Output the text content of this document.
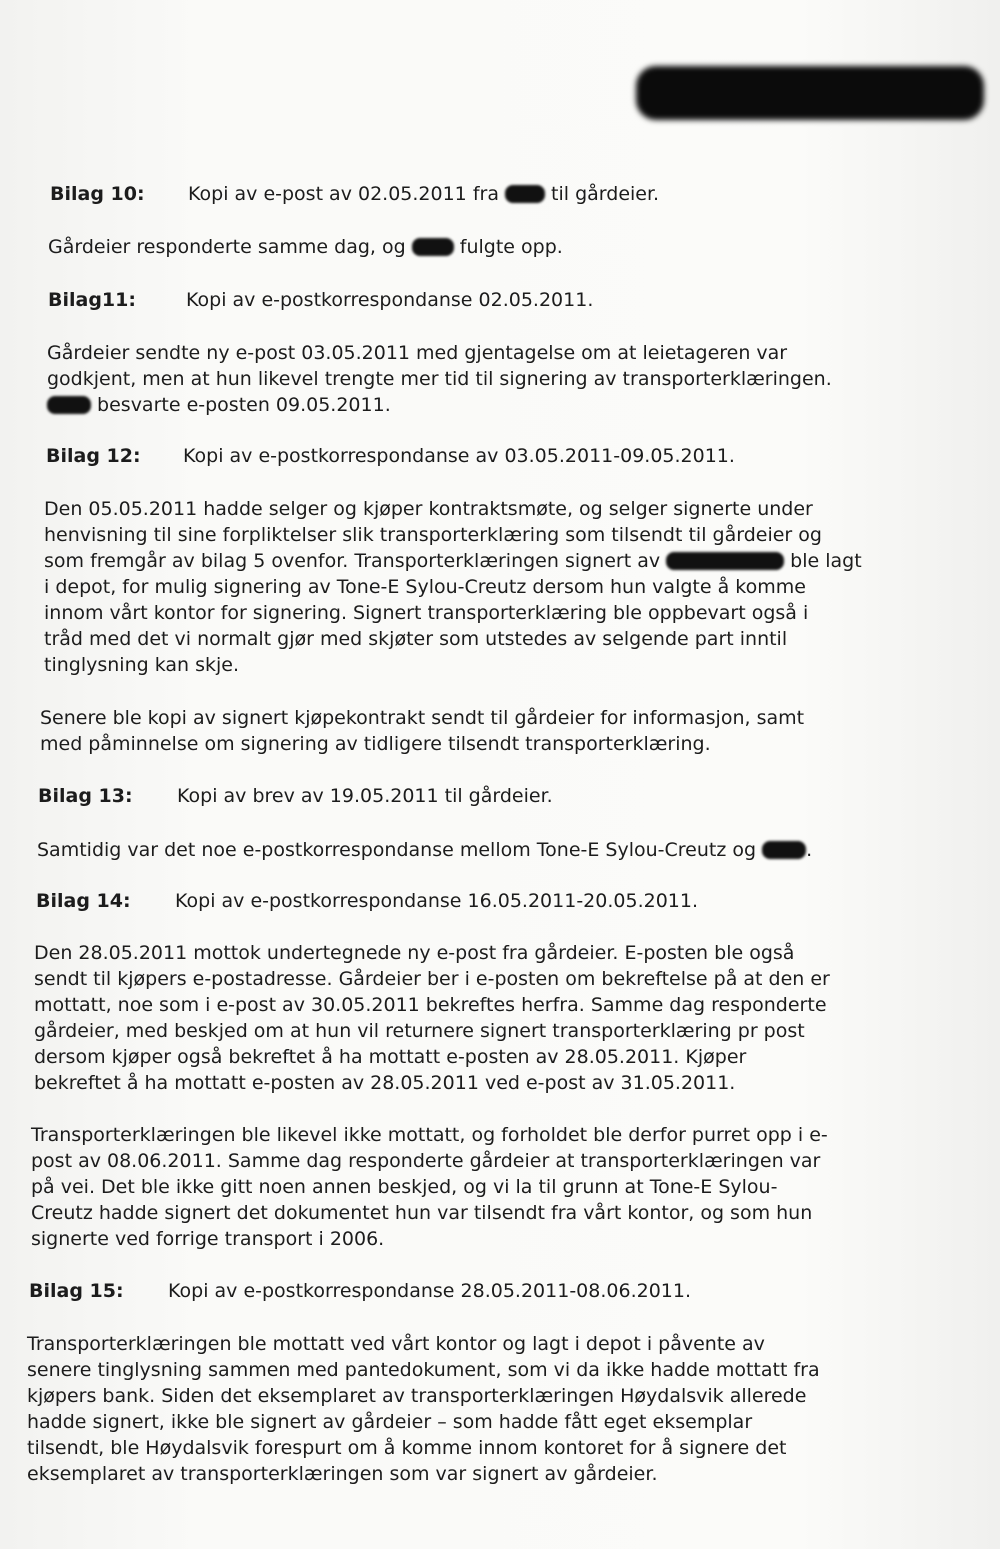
Bilag 10: Kopi av e-post av 02.05.2011 fra  til gårdeier.
Gårdeier responderte samme dag, og  fulgte opp.
Bilag11:	Kopi av e-postkorrespondanse 02.05.2011.
Gårdeier sendte ny e-post 03.05.2011 med gjentagelse om at leietageren var
godkjent, men at hun likevel trengte mer tid til signering av transporterklæringen.
besvarte e-posten 09.05.2011.
Bilag 12: Kopi av e-postkorrespondanse av 03.05.2011-09.05.2011.
Den 05.05.2011 hadde selger og kjøper kontraktsmøte, og selger signerte under
henvisning til sine forpliktelser slik transporterklæring som tilsendt til gårdeier og
som fremgår av bilag 5 ovenfor. Transporterklæringen signert av	ble lagt
i depot, for mulig signering av Tone-E Sylou-Creutz dersom hun valgte å komme
innom vårt kontor for signering. Signert transporterklæring ble oppbevart også i
tråd med det vi normalt gjør med skjøter som utstedes av selgende part inntil
tinglysning kan skje.
Senere ble kopi av signert kjøpekontrakt sendt til gårdeier for informasjon, samt
med påminnelse om signering av tidligere tilsendt transporterklæring.
Bilag 13: Kopi av brev av 19.05.2011 til gårdeier.
Samtidig var det noe e-postkorrespondanse mellom Tone-E Sylou-Creutz og .
Bilag 14: Kopi av e-postkorrespondanse 16.05.2011-20.05.2011.
Den 28.05.2011 mottok undertegnede ny e-post fra gårdeier. E-posten ble også
sendt til kjøpers e-postadresse. Gårdeier ber i e-posten om bekreftelse på at den er
mottatt, noe som i e-post av 30.05.2011 bekreftes herfra. Samme dag responderte
gårdeier, med beskjed om at hun vil returnere signert transporterklæring pr post
dersom kjøper også bekreftet å ha mottatt e-posten av 28.05.2011. Kjøper
bekreftet å ha mottatt e-posten av 28.05.2011 ved e-post av 31.05.2011.
Transporterklæringen ble likevel ikke mottatt, og forholdet ble derfor purret opp i e-
post av 08.06.2011. Samme dag responderte gårdeier at transporterklæringen var
på vei. Det ble ikke gitt noen annen beskjed, og vi la til grunn at Tone-E Sylou-
Creutz hadde signert det dokumentet hun var tilsendt fra vårt kontor, og som hun
signerte ved forrige transport i 2006.
Bilag 15: Kopi av e-postkorrespondanse 28.05.2011-08.06.2011.
Transporterklæringen ble mottatt ved vårt kontor og lagt i depot i påvente av
senere tinglysning sammen med pantedokument, som vi da ikke hadde mottatt fra
kjøpers bank. Siden det eksemplaret av transporterklæringen Høydalsvik allerede
hadde signert, ikke ble signert av gårdeier – som hadde fått eget eksemplar
tilsendt, ble Høydalsvik forespurt om å komme innom kontoret for å signere det
eksemplaret av transporterklæringen som var signert av gårdeier.
